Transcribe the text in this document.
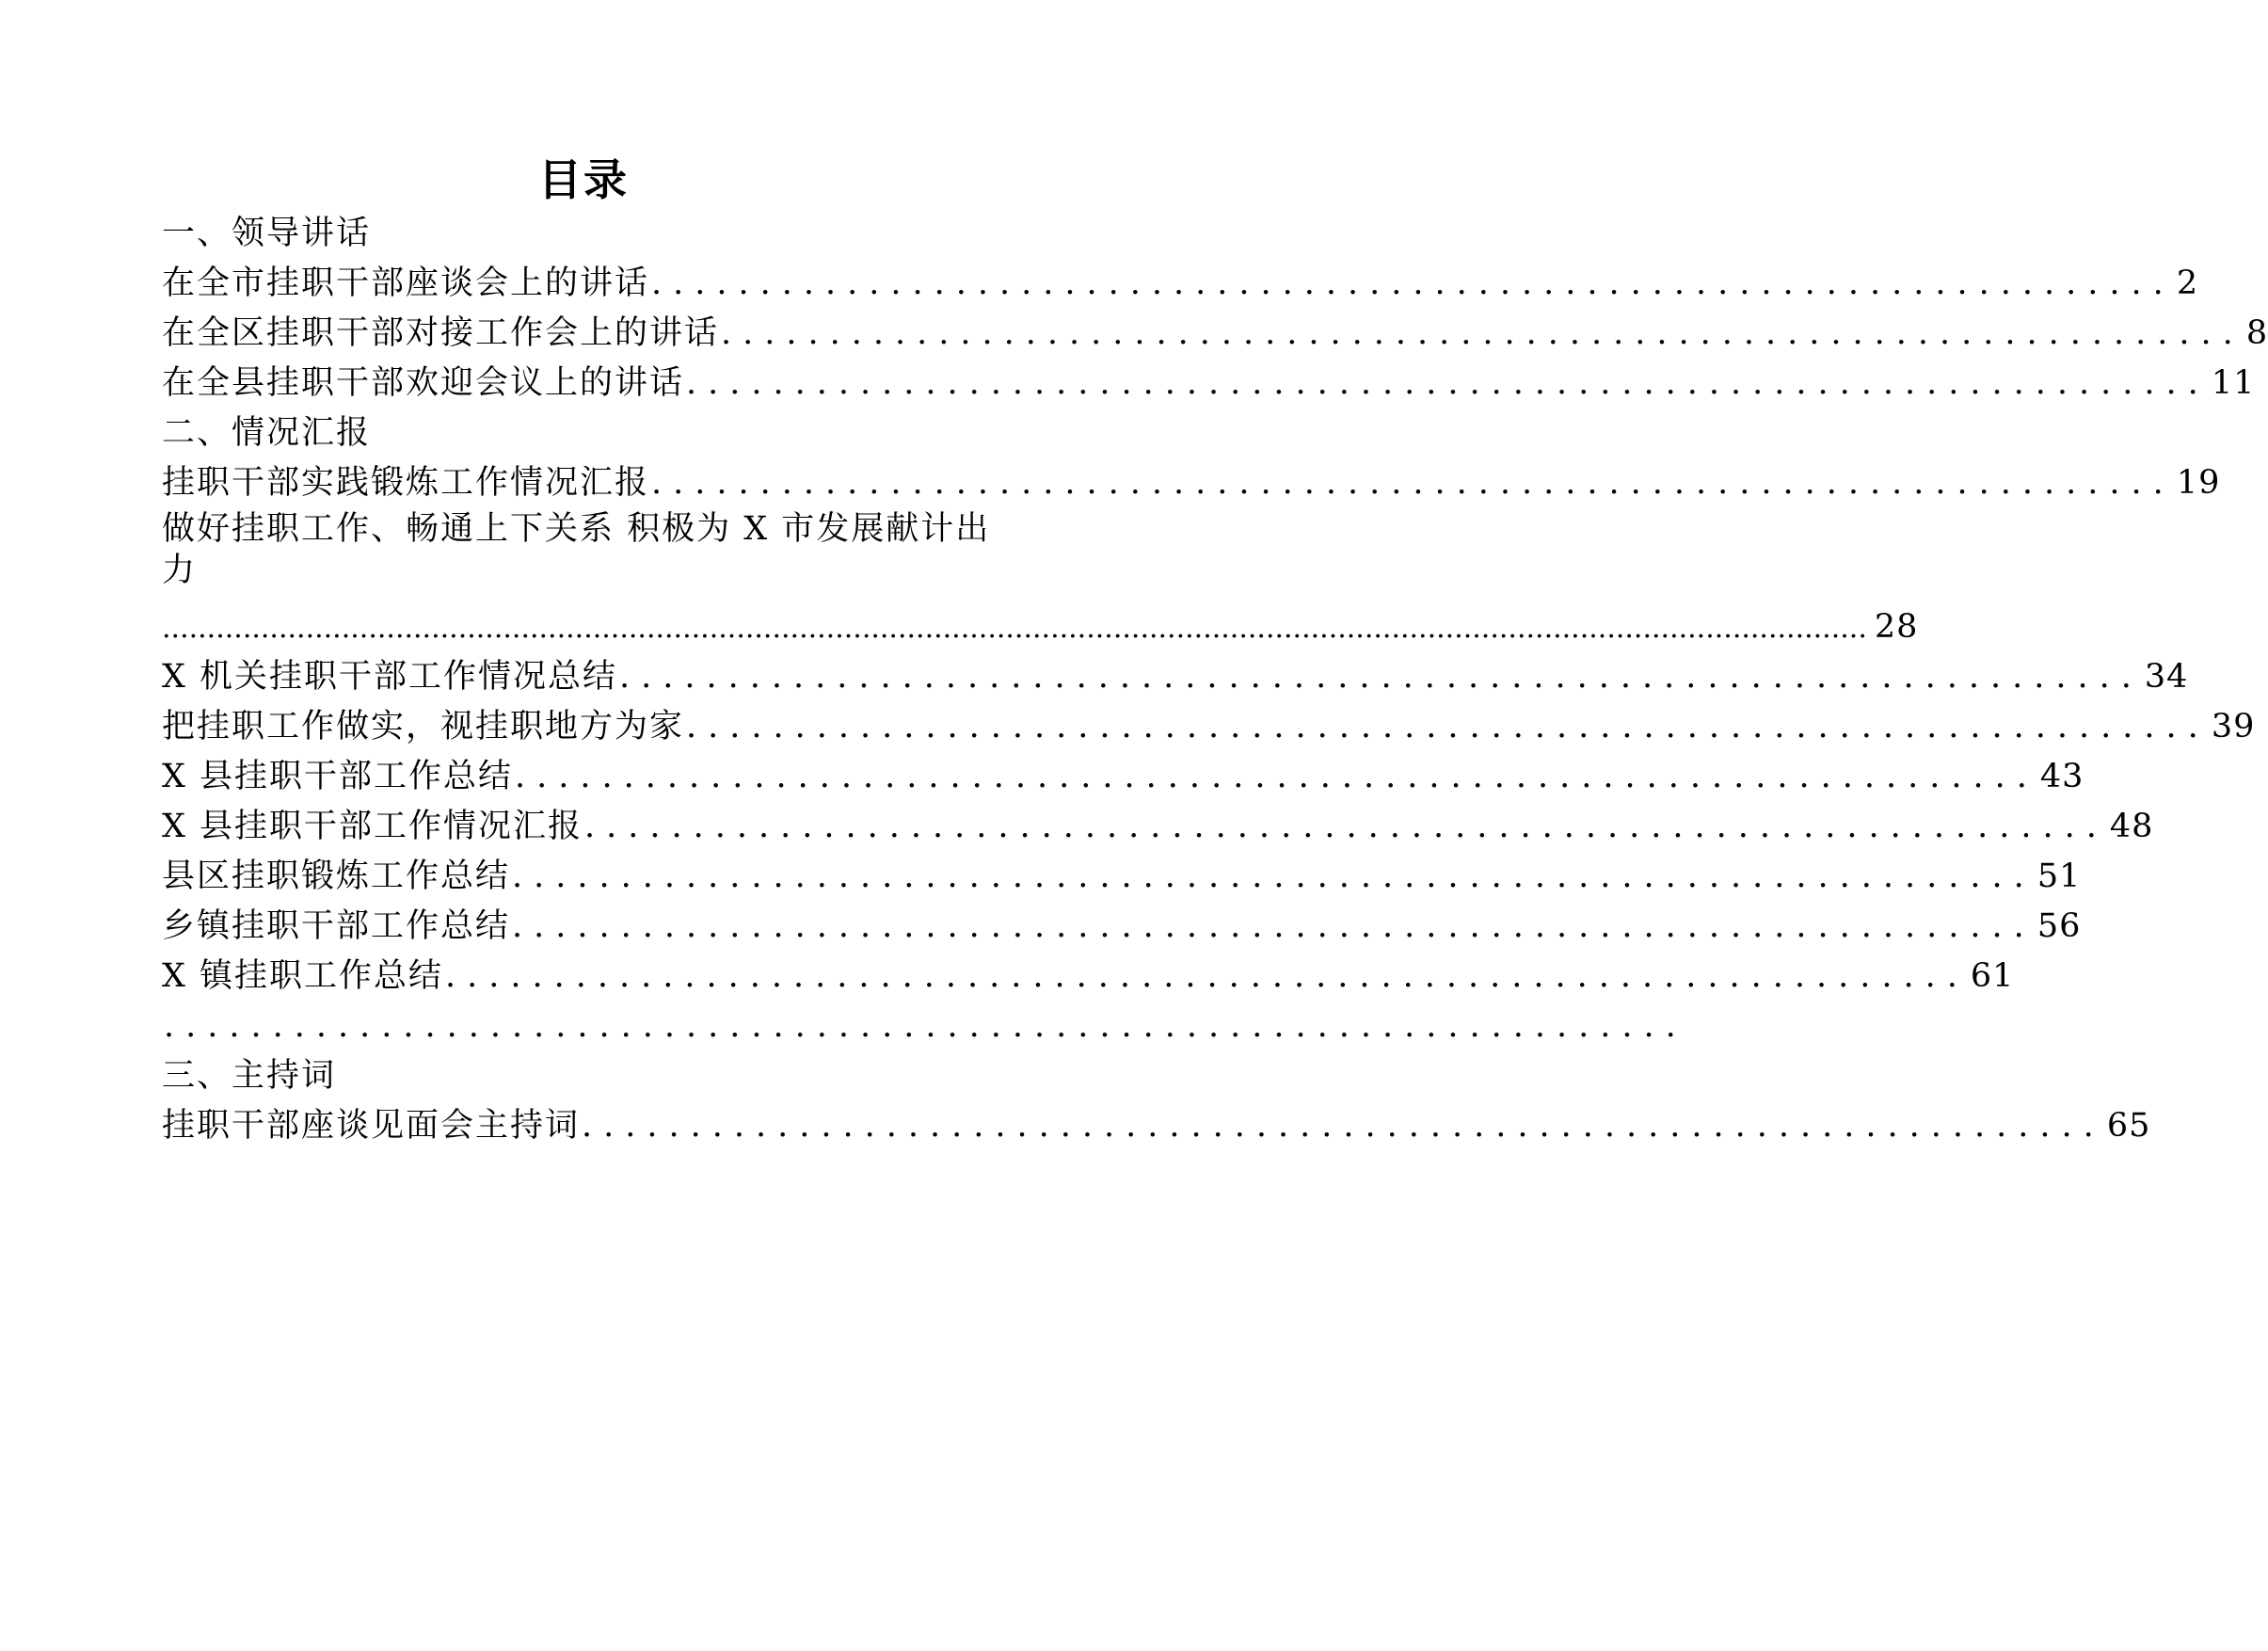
目录
一、领导讲话
在全市挂职干部座谈会上的讲话 ...................................................................... 2
在全区挂职干部对接工作会上的讲话 ...................................................................... 8
在全县挂职干部欢迎会议上的讲话 ...................................................................... 11
二、情况汇报
挂职干部实践锻炼工作情况汇报 ...................................................................... 19
做好挂职工作、畅通上下关系 积极为 X 市发展献计出
力
.............................................................................................................................................................................................. 28
X 机关挂职干部工作情况总结 ...................................................................... 34
把挂职工作做实，视挂职地方为家 ...................................................................... 39
X 县挂职干部工作总结 ...................................................................... 43
X 县挂职干部工作情况汇报 ...................................................................... 48
县区挂职锻炼工作总结 ...................................................................... 51
乡镇挂职干部工作总结 ...................................................................... 56
X 镇挂职工作总结 ...................................................................... 61
......................................................................
三、主持词
挂职干部座谈见面会主持词 ...................................................................... 65
